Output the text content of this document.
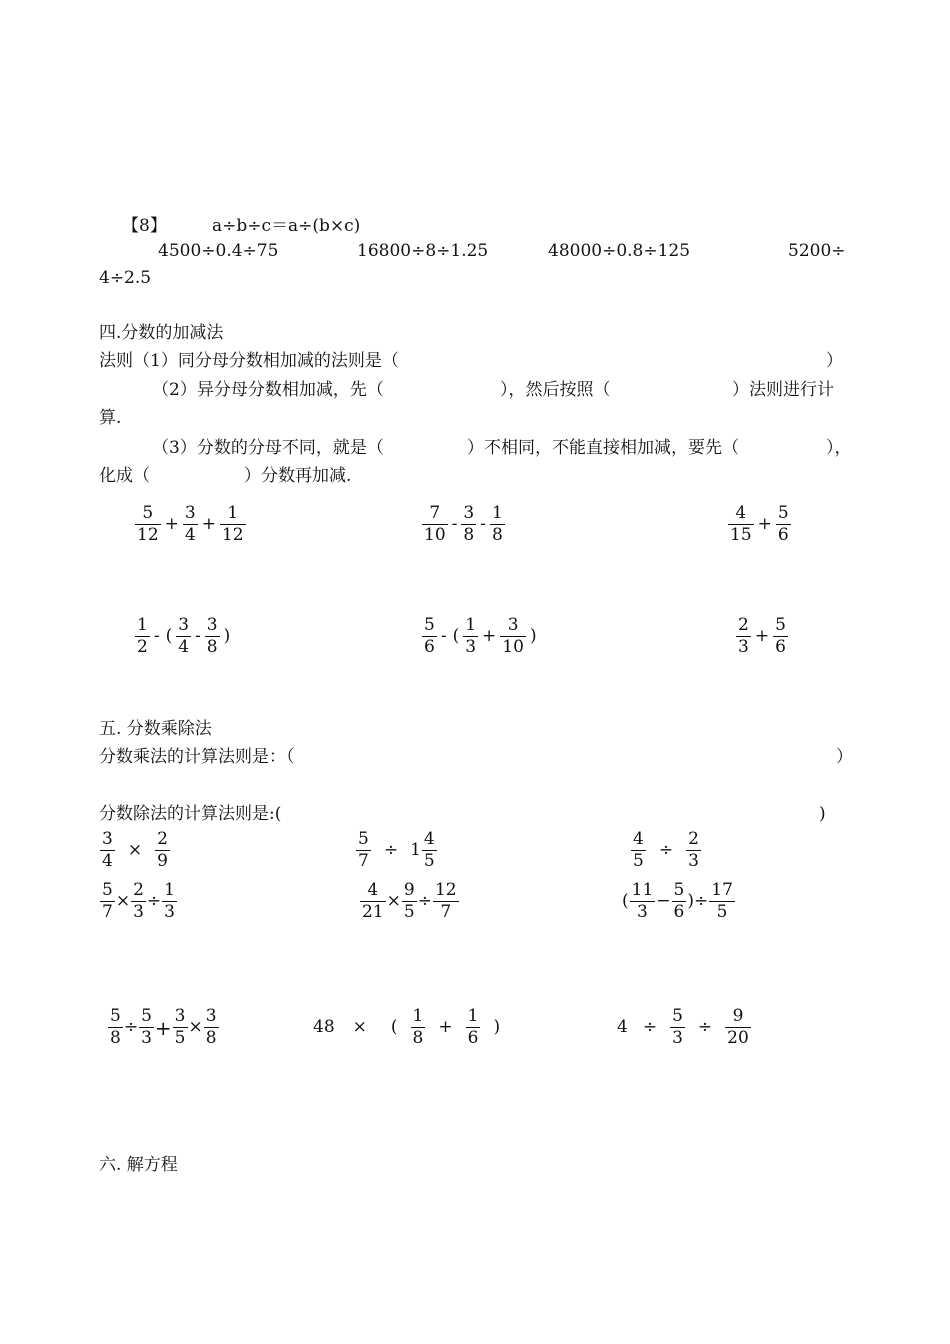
【8】	a÷b÷c＝a÷(b×c)
4500÷0.4÷75	16800÷8÷1.25	48000÷0.8÷125	5200÷
4÷2.5
四.分数的加减法
法则（1）同分母分数相加减的法则是（	）
（2）异分母分数相加减，先（	），然后按照（	）法则进行计
算.
（3）分数的分母不同，就是（	）不相同，不能直接相加减，要先（	），
化成（	）分数再加减.
$\frac{5}{12} + \frac{3}{4} + \frac{1}{12}$	$\frac{7}{10} - \frac{3}{8} - \frac{1}{8}$	$\frac{4}{15} + \frac{5}{6}$
$\frac{1}{2}$ - ( $\frac{3}{4} - \frac{3}{8}$ )	$\frac{5}{6}$ - ( $\frac{1}{3} + \frac{3}{10}$ )	$\frac{2}{3} + \frac{5}{6}$
五. 分数乘除法
分数乘法的计算法则是：（	）
分数除法的计算法则是:(	)
$\frac{3}{4} \times \frac{2}{9}$	$\frac{5}{7} \div 1 \frac{4}{5}$	$\frac{4}{5} \div \frac{2}{3}$
$\frac{5}{7} \times \frac{2}{3} \div \frac{1}{3}$	$\frac{4}{21} \times \frac{9}{5} \div \frac{12}{7}$	( $\frac{11}{3} - \frac{5}{6}$ )÷ $\frac{17}{5}$
$\frac{5}{8} \div \frac{5}{3} + \frac{3}{5} \times \frac{3}{8}$	48 × ( $\frac{1}{8} + \frac{1}{6}$ )	$4 \div \frac{5}{3} \div \frac{9}{20}$
六. 解方程
